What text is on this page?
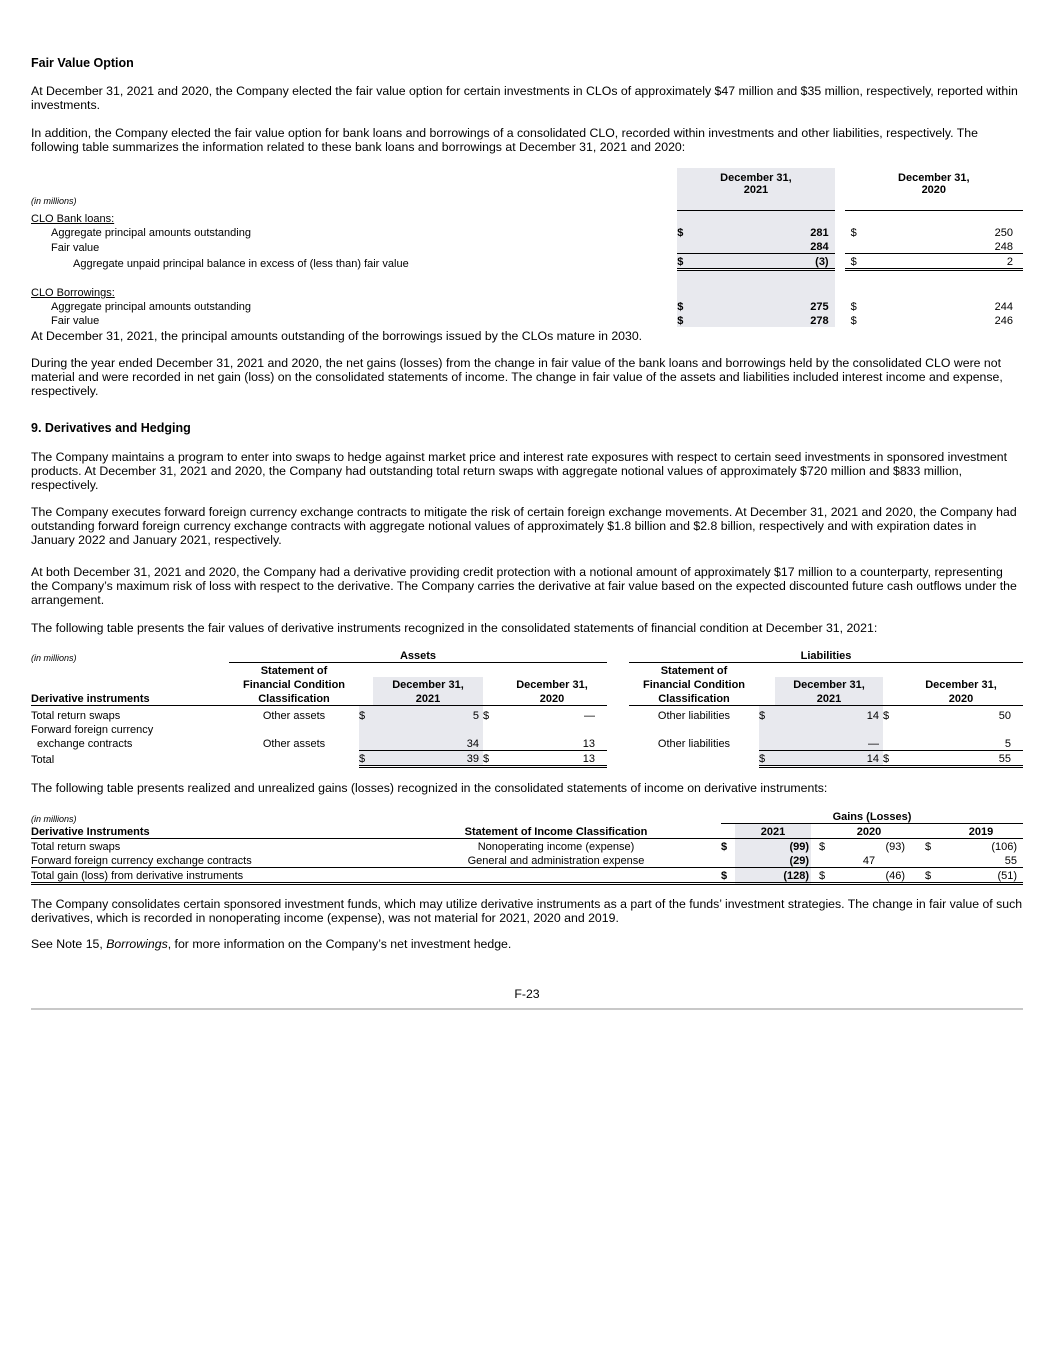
Fair Value Option
At December 31, 2021 and 2020, the Company elected the fair value option for certain investments in CLOs of approximately $47 million and $35 million, respectively, reported within investments.
In addition, the Company elected the fair value option for bank loans and borrowings of a consolidated CLO, recorded within investments and other liabilities, respectively. The following table summarizes the information related to these bank loans and borrowings at December 31, 2021 and 2020:
	December 31,
2021		December 31,
2020
(in millions)			
CLO Bank loans:			
Aggregate principal amounts outstanding	$ 281		$ 250

Fair value	284		248

Aggregate unpaid principal balance in excess of (less than) fair value	$ (3)		$ 2

CLO Borrowings:			
Aggregate principal amounts outstanding	$ 275		$ 244

Fair value	$ 278		$ 246
At December 31, 2021, the principal amounts outstanding of the borrowings issued by the CLOs mature in 2030.
During the year ended December 31, 2021 and 2020, the net gains (losses) from the change in fair value of the bank loans and borrowings held by the consolidated CLO were not material and were recorded in net gain (loss) on the consolidated statements of income. The change in fair value of the assets and liabilities included interest income and expense, respectively.
9. Derivatives and Hedging
The Company maintains a program to enter into swaps to hedge against market price and interest rate exposures with respect to certain seed investments in sponsored investment products. At December 31, 2021 and 2020, the Company had outstanding total return swaps with aggregate notional values of approximately $720 million and $833 million, respectively.
The Company executes forward foreign currency exchange contracts to mitigate the risk of certain foreign exchange movements. At December 31, 2021 and 2020, the Company had outstanding forward foreign currency exchange contracts with aggregate notional values of approximately $1.8 billion and $2.8 billion, respectively and with expiration dates in January 2022 and January 2021, respectively.
At both December 31, 2021 and 2020, the Company had a derivative providing credit protection with a notional amount of approximately $17 million to a counterparty, representing the Company’s maximum risk of loss with respect to the derivative. The Company carries the derivative at fair value based on the expected discounted future cash outflows under the arrangement.
The following table presents the fair values of derivative instruments recognized in the consolidated statements of financial condition at December 31, 2021:
(in millions)	Assets						Liabilities				
	Statement of						Statement of				
	Financial Condition		December 31,		December 31,		Financial Condition		December 31,		December 31,
Derivative instruments	Classification		2021		2020		Classification		2021		2020
Total return swaps	Other assets	$	5	$	—		Other liabilities	$	14	$	50
Forward foreign currency											
exchange contracts	Other assets		34		13		Other liabilities		—		5
Total		$	39	$	13			$	14	$	55
The following table presents realized and unrealized gains (losses) recognized in the consolidated statements of income on derivative instruments:
(in millions)		Gains (Losses)							
Derivative Instruments	Statement of Income Classification		2021			2020			2019
Total return swaps	Nonoperating income (expense)	$	(99)		$	(93)		$	(106)
Forward foreign currency exchange contracts	General and administration expense		(29)			47			55
Total gain (loss) from derivative instruments		$	(128)		$	(46)		$	(51)
The Company consolidates certain sponsored investment funds, which may utilize derivative instruments as a part of the funds’ investment strategies. The change in fair value of such derivatives, which is recorded in nonoperating income (expense), was not material for 2021, 2020 and 2019.
See Note 15, Borrowings, for more information on the Company’s net investment hedge.
F-23
